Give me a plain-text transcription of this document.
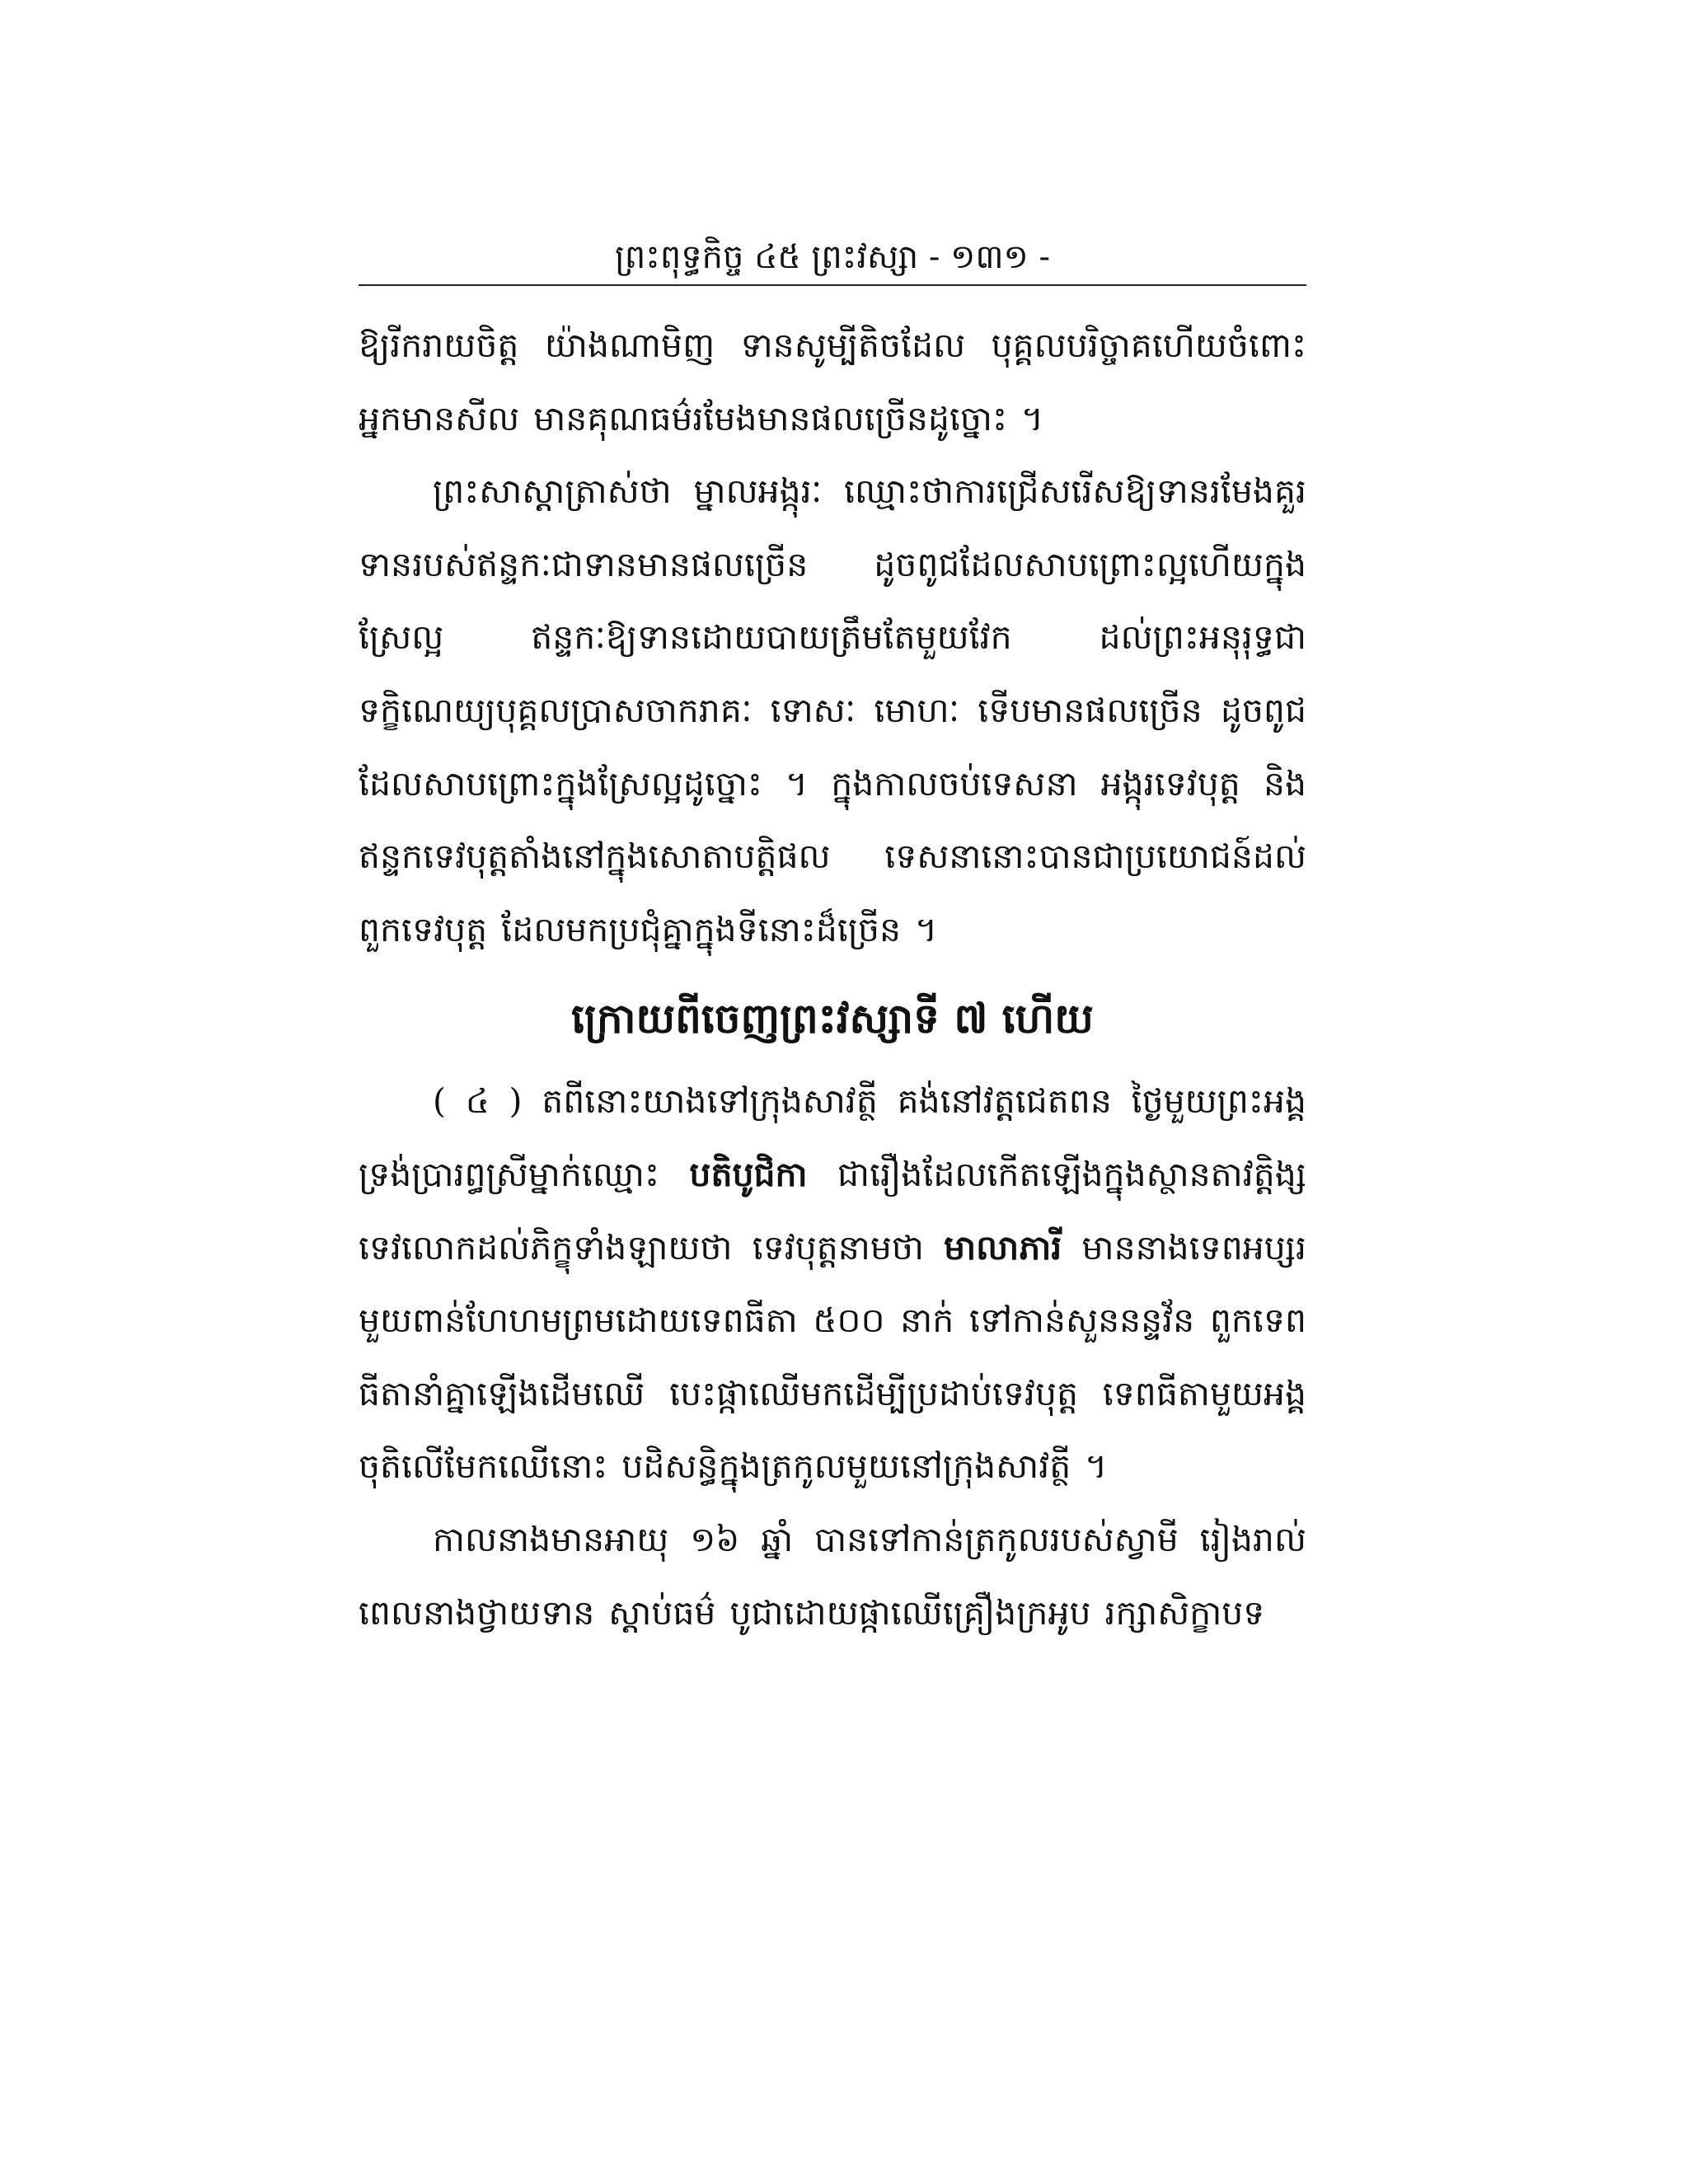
ព្រះពុទ្ធកិច្ច ៤៥ ព្រះវស្សា - ១៣១ -

ឱ្យរីករាយចិត្ត យ៉ាងណាមិញ ទានសូម្បីតិចដែល បុគ្គលបរិច្ចាគហើយចំពោះអ្នកមានសីល មានគុណធម៌រមែងមានផលច្រើនដូច្នោះ ។

ព្រះសាស្តាត្រាស់ថា ម្នាលអង្កុរៈ ឈ្មោះថាការជ្រើសរើសឱ្យទានរមែងគួរ ទានរបស់ឥន្ទកៈជាទានមានផលច្រើន ដូចពូជដែលសាបព្រោះល្អហើយក្នុងស្រែល្អ ឥន្ទកៈឱ្យទានដោយបាយត្រឹមតែមួយវែក ដល់ព្រះអនុរុទ្ធជាទក្ខិណេយ្យបុគ្គលប្រាសចាករាគៈ ទោសៈ មោហៈ ទើបមានផលច្រើន ដូចពូជដែលសាបព្រោះក្នុងស្រែល្អដូច្នោះ ។ ក្នុងកាលចប់ទេសនា អង្កុរទេវបុត្ត និងឥន្ទកទេវបុត្តតាំងនៅក្នុងសោតាបត្តិផល ទេសនានោះបានជាប្រយោជន៍ដល់ពួកទេវបុត្ត ដែលមកប្រជុំគ្នាក្នុងទីនោះដ៏ច្រើន ។

ក្រោយពីចេញព្រះវស្សាទី ៧ ហើយ

( ៤ ) តពីនោះយាងទៅក្រុងសាវត្ថី គង់នៅវត្តជេតពន ថ្ងៃមួយព្រះអង្គទ្រង់ប្រារព្ធស្រីម្នាក់ឈ្មោះ បតិបូជិកា ជារឿងដែលកើតឡើងក្នុងស្ថានតាវត្តិង្សទេវលោកដល់ភិក្ខុទាំងឡាយថា ទេវបុត្តនាមថា មាលាភារី មាននាងទេពអប្សរមួយពាន់ហែហមព្រមដោយទេពធីតា ៥០០ នាក់ ទៅកាន់សួននន្ទវ័ន ពួកទេពធីតានាំគ្នាឡើងដើមឈើ បេះផ្កាឈើមកដើម្បីប្រដាប់ទេវបុត្ត ទេពធីតាមួយអង្គចុតិលើមែកឈើនោះ បដិសន្ធិក្នុងត្រកូលមួយនៅក្រុងសាវត្ថី ។

កាលនាងមានអាយុ ១៦ ឆ្នាំ បានទៅកាន់ត្រកូលរបស់ស្វាមី រៀងរាល់ពេលនាងថ្វាយទាន ស្តាប់ធម៌ បូជាដោយផ្កាឈើគ្រឿងក្រអូប រក្សាសិក្ខាបទ
